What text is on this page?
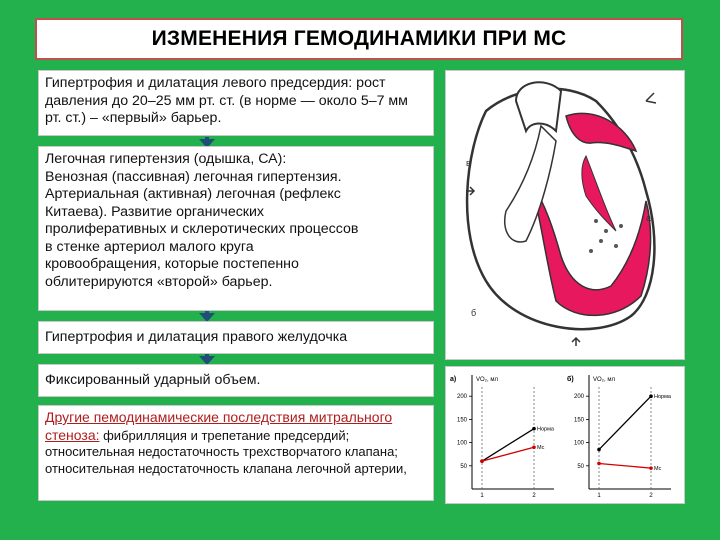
ИЗМЕНЕНИЯ ГЕМОДИНАМИКИ ПРИ МС
Гипертрофия и дилатация левого предсердия: рост давления до 20–25 мм рт. ст. (в норме — около 5–7 мм рт. ст.) – «первый» барьер.
Легочная гипертензия (одышка, СА):
Венозная (пассивная) легочная гипертензия.
Артериальная (активная) легочная (рефлекс
Китаева). Развитие органических
пролиферативных и склеротических процессов
в стенке артериол малого круга
кровообращения, которые постепенно
облитерируются «второй» барьер.
Гипертрофия и дилатация правого желудочка
Фиксированный ударный объем.
Другие пемодинамические последствия митрального стеноза: фибрилляция и трепетание предсердий; относительная недостаточность трехстворчатого клапана; относительная недостаточность клапана легочной артерии,
а
б
в
а)	VO₂, мл
50
100
150
200
1	2
Норма
Мс
б)	VO₂, мл
50
100
150
200
1	2
Норма
Мс
